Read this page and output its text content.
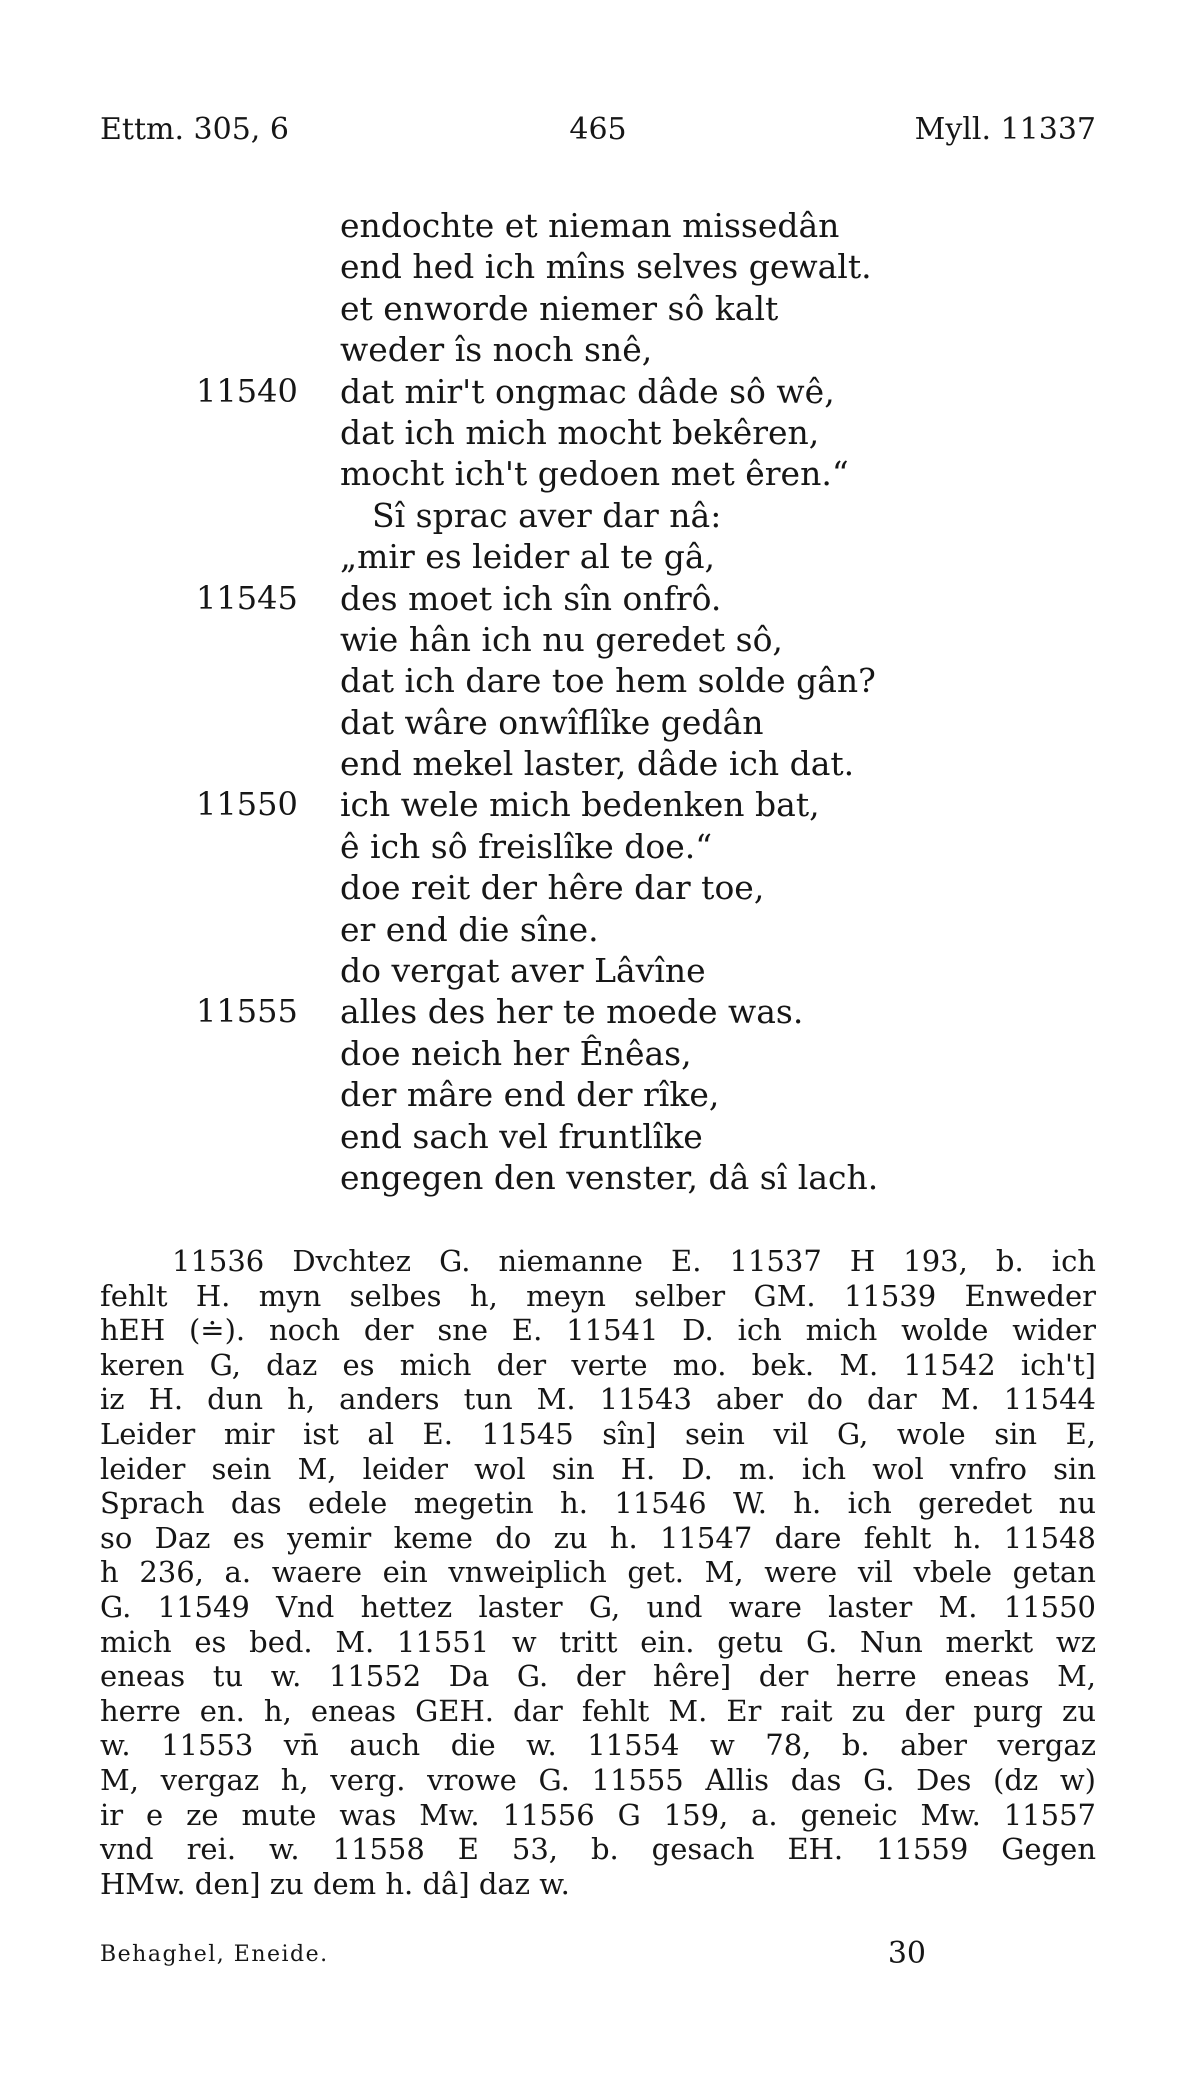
Ettm. 305, 6	465	Myll. 11337
endochte et nieman missedân
end hed ich mîns selves gewalt.
et enworde niemer sô kalt
weder îs noch snê,
11540 dat mir't ongmac dâde sô wê,
dat ich mich mocht bekêren,
mocht ich't gedoen met êren.“
Sî sprac aver dar nâ:
„mir es leider al te gâ,
11545 des moet ich sîn onfrô.
wie hân ich nu geredet sô,
dat ich dare toe hem solde gân?
dat wâre onwîflîke gedân
end mekel laster, dâde ich dat.
11550 ich wele mich bedenken bat,
ê ich sô freislîke doe.“
doe reit der hêre dar toe,
er end die sîne.
do vergat aver Lâvîne
11555 alles des her te moede was.
doe neich her Ênêas,
der mâre end der rîke,
end sach vel fruntlîke
engegen den venster, dâ sî lach.
11536 Dvchtez G. niemanne E. 11537 H 193, b. ich
fehlt H. myn selbes h, meyn selber GM. 11539 Enweder
hEH (≐). noch der sne E. 11541 D. ich mich wolde wider
keren G, daz es mich der verte mo. bek. M. 11542 ich't]
iz H. dun h, anders tun M. 11543 aber do dar M. 11544
Leider mir ist al E. 11545 sîn] sein vil G, wole sin E,
leider sein M, leider wol sin H. D. m. ich wol vnfro sin
Sprach das edele megetin h. 11546 W. h. ich geredet nu
so Daz es yemir keme do zu h. 11547 dare fehlt h. 11548
h 236, a. waere ein vnweiplich get. M, were vil vbele getan
G. 11549 Vnd hettez laster G, und ware laster M. 11550
mich es bed. M. 11551 w tritt ein. getu G. Nun merkt wz
eneas tu w. 11552 Da G. der hêre] der herre eneas M,
herre en. h, eneas GEH. dar fehlt M. Er rait zu der purg zu
w. 11553 vn̄ auch die w. 11554 w 78, b. aber vergaz
M, vergaz h, verg. vrowe G. 11555 Allis das G. Des (dz w)
ir e ze mute was Mw. 11556 G 159, a. geneic Mw. 11557
vnd rei. w. 11558 E 53, b. gesach EH. 11559 Gegen
HMw. den] zu dem h. dâ] daz w.
Behaghel, Eneide.	30
